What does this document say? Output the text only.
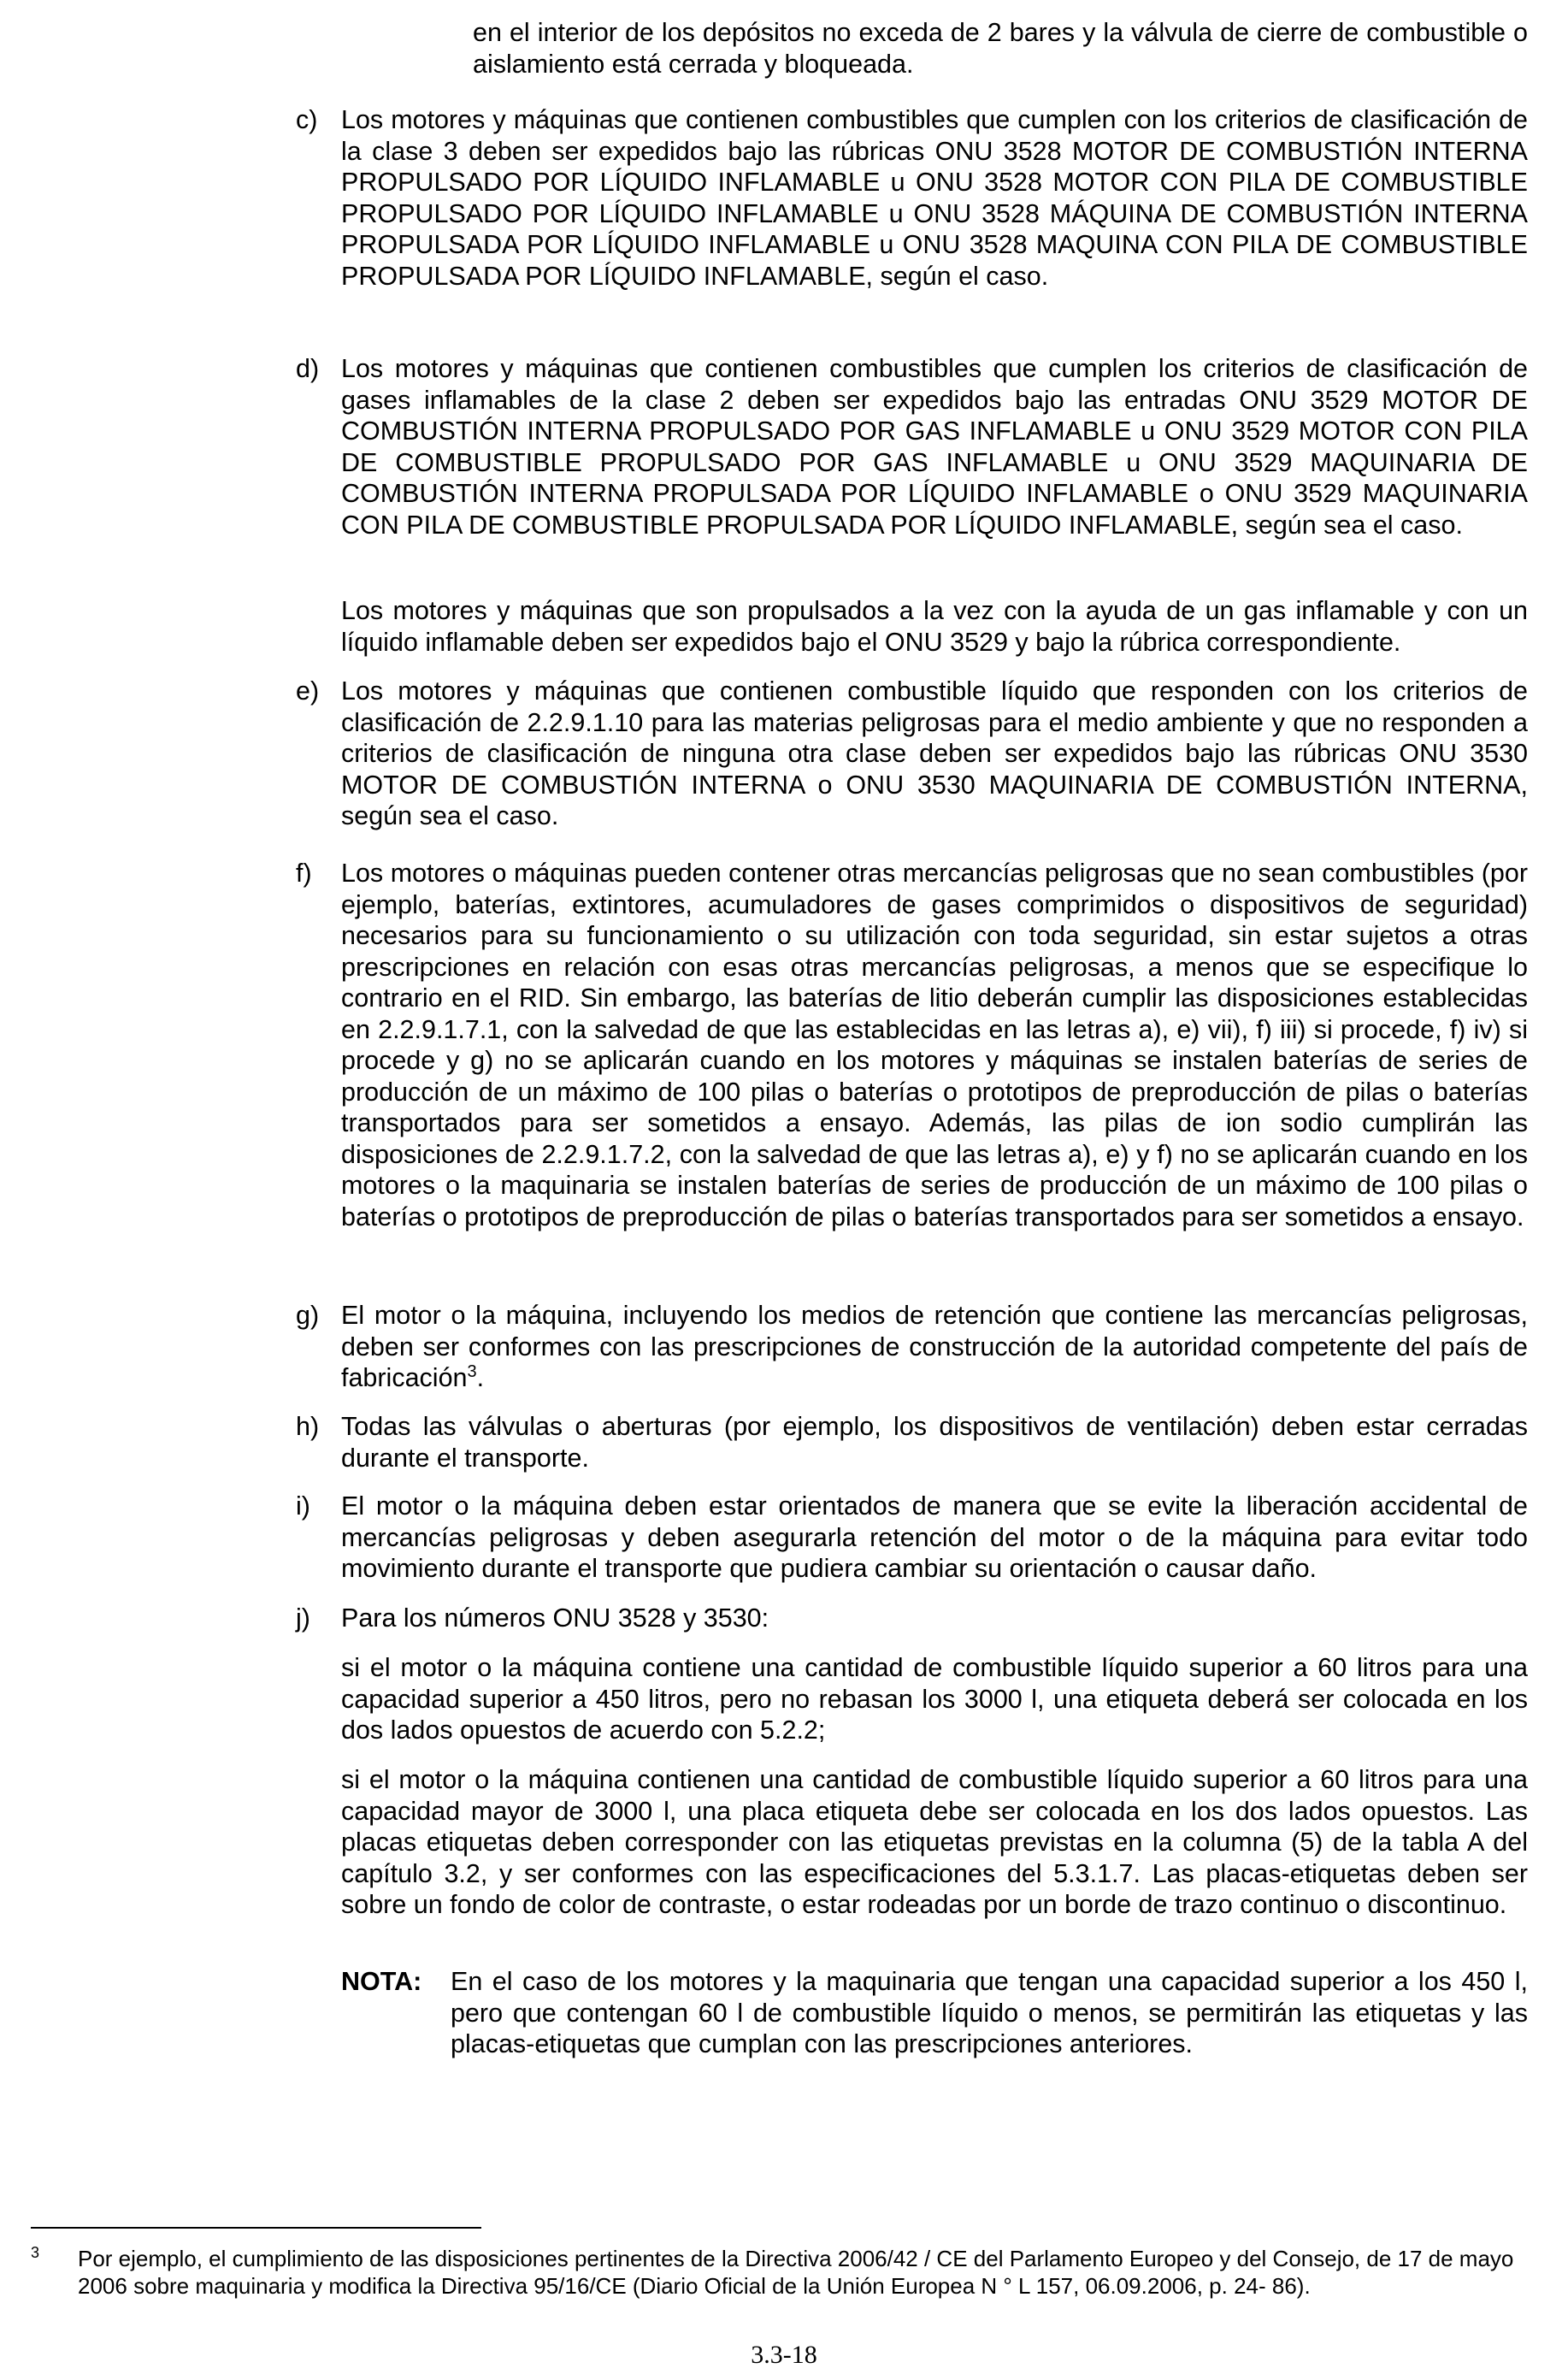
en el interior de los depósitos no exceda de 2 bares y la válvula de cierre de combustible o aislamiento está cerrada y bloqueada.

c) Los motores y máquinas que contienen combustibles que cumplen con los criterios de clasificación de la clase 3 deben ser expedidos bajo las rúbricas ONU 3528 MOTOR DE COMBUSTIÓN INTERNA PROPULSADO POR LÍQUIDO INFLAMABLE u ONU 3528 MOTOR CON PILA DE COMBUSTIBLE PROPULSADO POR LÍQUIDO INFLAMABLE u ONU 3528 MÁQUINA DE COMBUSTIÓN INTERNA PROPULSADA POR LÍQUIDO INFLAMABLE u ONU 3528 MAQUINA CON PILA DE COMBUSTIBLE PROPULSADA POR LÍQUIDO INFLAMABLE, según el caso.

d) Los motores y máquinas que contienen combustibles que cumplen los criterios de clasificación de gases inflamables de la clase 2 deben ser expedidos bajo las entradas ONU 3529 MOTOR DE COMBUSTIÓN INTERNA PROPULSADO POR GAS INFLAMABLE u ONU 3529 MOTOR CON PILA DE COMBUSTIBLE PROPULSADO POR GAS INFLAMABLE u ONU 3529 MAQUINARIA DE COMBUSTIÓN INTERNA PROPULSADA POR LÍQUIDO INFLAMABLE o ONU 3529 MAQUINARIA CON PILA DE COMBUSTIBLE PROPULSADA POR LÍQUIDO INFLAMABLE, según sea el caso.

Los motores y máquinas que son propulsados a la vez con la ayuda de un gas inflamable y con un líquido inflamable deben ser expedidos bajo el ONU 3529 y bajo la rúbrica correspondiente.

e) Los motores y máquinas que contienen combustible líquido que responden con los criterios de clasificación de 2.2.9.1.10 para las materias peligrosas para el medio ambiente y que no responden a criterios de clasificación de ninguna otra clase deben ser expedidos bajo las rúbricas ONU 3530 MOTOR DE COMBUSTIÓN INTERNA o ONU 3530 MAQUINARIA DE COMBUSTIÓN INTERNA, según sea el caso.

f)	Los motores o máquinas pueden contener otras mercancías peligrosas que no sean combustibles (por ejemplo, baterías, extintores, acumuladores de gases comprimidos o dispositivos de seguridad) necesarios para su funcionamiento o su utilización con toda seguridad, sin estar sujetos a otras prescripciones en relación con esas otras mercancías peligrosas, a menos que se especifique lo contrario en el RID. Sin embargo, las baterías de litio deberán cumplir las disposiciones establecidas en 2.2.9.1.7.1, con la salvedad de que las establecidas en las letras a), e) vii), f) iii) si procede, f) iv) si procede y g) no se aplicarán cuando en los motores y máquinas se instalen baterías de series de producción de un máximo de 100 pilas o baterías o prototipos de preproducción de pilas o baterías transportados para ser sometidos a ensayo. Además, las pilas de ion sodio cumplirán las disposiciones de 2.2.9.1.7.2, con la salvedad de que las letras a), e) y f) no se aplicarán cuando en los motores o la maquinaria se instalen baterías de series de producción de un máximo de 100 pilas o baterías o prototipos de preproducción de pilas o baterías transportados para ser sometidos a ensayo.

g) El motor o la máquina, incluyendo los medios de retención que contiene las mercancías peligrosas, deben ser conformes con las prescripciones de construcción de la autoridad competente del país de fabricación$^3$.

h) Todas las válvulas o aberturas (por ejemplo, los dispositivos de ventilación) deben estar cerradas durante el transporte.

i)	El motor o la máquina deben estar orientados de manera que se evite la liberación accidental de mercancías peligrosas y deben asegurarla retención del motor o de la máquina para evitar todo movimiento durante el transporte que pudiera cambiar su orientación o causar daño.

j)	Para los números ONU 3528 y 3530:

si el motor o la máquina contiene una cantidad de combustible líquido superior a 60 litros para una capacidad superior a 450 litros, pero no rebasan los 3000 l, una etiqueta deberá ser colocada en los dos lados opuestos de acuerdo con 5.2.2;

si el motor o la máquina contienen una cantidad de combustible líquido superior a 60 litros para una capacidad mayor de 3000 l, una placa etiqueta debe ser colocada en los dos lados opuestos. Las placas etiquetas deben corresponder con las etiquetas previstas en la columna (5) de la tabla A del capítulo 3.2, y ser conformes con las especificaciones del 5.3.1.7. Las placas-etiquetas deben ser sobre un fondo de color de contraste, o estar rodeadas por un borde de trazo continuo o discontinuo.

NOTA: En el caso de los motores y la maquinaria que tengan una capacidad superior a los 450 l, pero que contengan 60 l de combustible líquido o menos, se permitirán las etiquetas y las placas-etiquetas que cumplan con las prescripciones anteriores.

3 Por ejemplo, el cumplimiento de las disposiciones pertinentes de la Directiva 2006/42 / CE del Parlamento Europeo y del Consejo, de 17 de mayo 2006 sobre maquinaria y modifica la Directiva 95/16/CE (Diario Oficial de la Unión Europea N ° L 157, 06.09.2006, p. 24- 86).

3.3-18
